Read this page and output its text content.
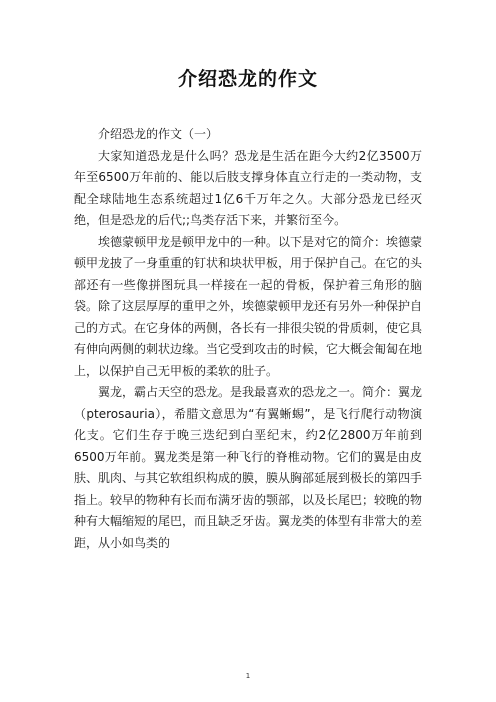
介绍恐龙的作文

介绍恐龙的作文（一）

大家知道恐龙是什么吗？恐龙是生活在距今大约2亿3500万年至6500万年前的、能以后肢支撑身体直立行走的一类动物，支配全球陆地生态系统超过1亿6千万年之久。大部分恐龙已经灭绝，但是恐龙的后代;;鸟类存活下来，并繁衍至今。

埃德蒙顿甲龙是顿甲龙中的一种。以下是对它的简介：埃德蒙顿甲龙披了一身重重的钉状和块状甲板，用于保护自己。在它的头部还有一些像拼图玩具一样接在一起的骨板，保护着三角形的脑袋。除了这层厚厚的重甲之外，埃德蒙顿甲龙还有另外一种保护自己的方式。在它身体的两侧，各长有一排很尖锐的骨质刺，使它具有伸向两侧的刺状边缘。当它受到攻击的时候，它大概会匍匐在地上，以保护自己无甲板的柔软的肚子。

翼龙，霸占天空的恐龙。是我最喜欢的恐龙之一。简介：翼龙（pterosauria），希腊文意思为“有翼蜥蜴”，是飞行爬行动物演化支。它们生存于晚三迭纪到白垩纪末，约2亿2800万年前到6500万年前。翼龙类是第一种飞行的脊椎动物。它们的翼是由皮肤、肌肉、与其它软组织构成的膜，膜从胸部延展到极长的第四手指上。较早的物种有长而布满牙齿的颚部，以及长尾巴；较晚的物种有大幅缩短的尾巴，而且缺乏牙齿。翼龙类的体型有非常大的差距，从小如鸟类的

1
